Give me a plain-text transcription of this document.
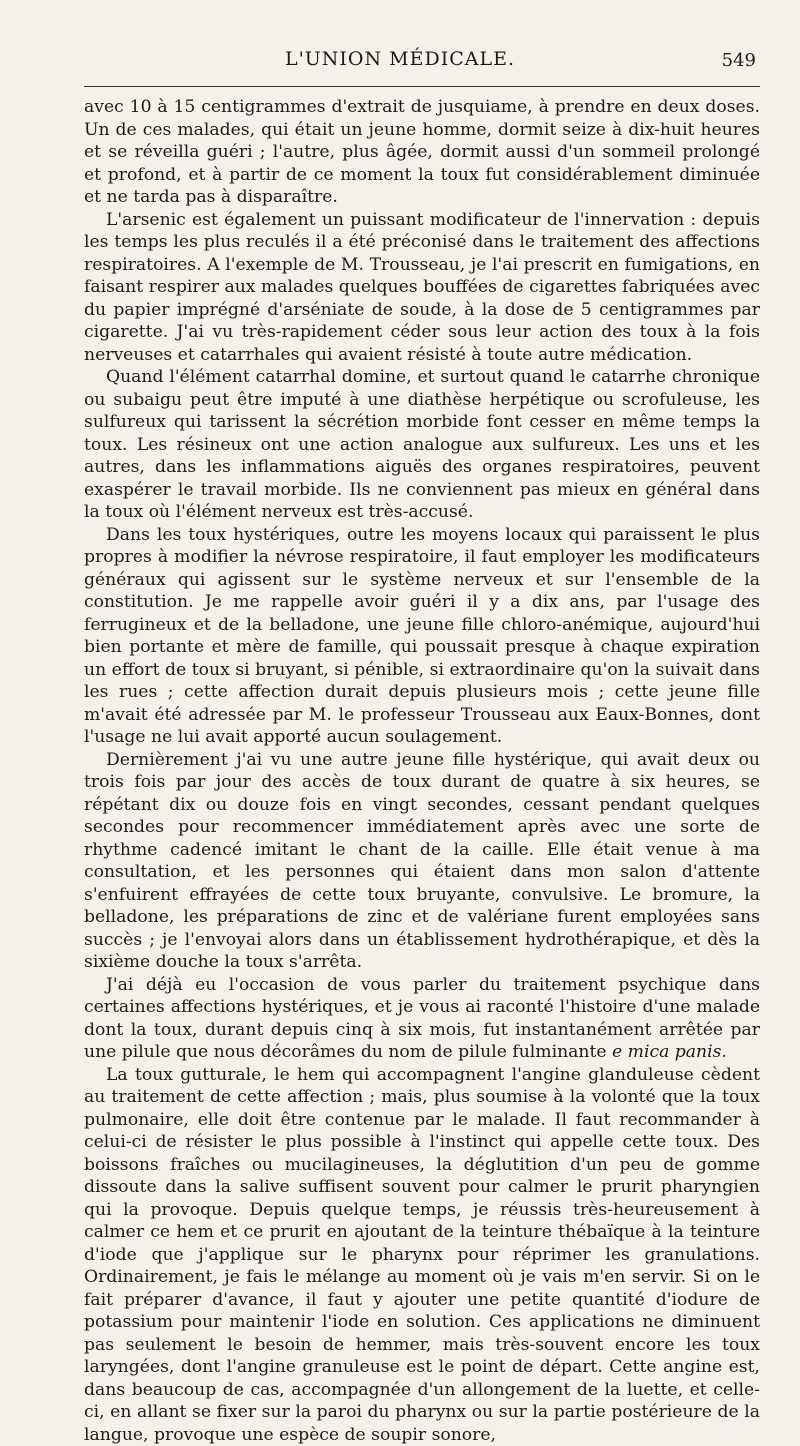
L'UNION MÉDICALE.	549

avec 10 à 15 centigrammes d'extrait de jusquiame, à prendre en deux doses. Un de ces malades, qui était un jeune homme, dormit seize à dix-huit heures et se réveilla guéri ; l'autre, plus âgée, dormit aussi d'un sommeil prolongé et profond, et à partir de ce moment la toux fut considérablement diminuée et ne tarda pas à disparaître.

L'arsenic est également un puissant modificateur de l'innervation : depuis les temps les plus reculés il a été préconisé dans le traitement des affections respiratoires. A l'exemple de M. Trousseau, je l'ai prescrit en fumigations, en faisant respirer aux malades quelques bouffées de cigarettes fabriquées avec du papier imprégné d'arséniate de soude, à la dose de 5 centigrammes par cigarette. J'ai vu très-rapidement céder sous leur action des toux à la fois nerveuses et catarrhales qui avaient résisté à toute autre médication.

Quand l'élément catarrhal domine, et surtout quand le catarrhe chronique ou subaigu peut être imputé à une diathèse herpétique ou scrofuleuse, les sulfureux qui tarissent la sécrétion morbide font cesser en même temps la toux. Les résineux ont une action analogue aux sulfureux. Les uns et les autres, dans les inflammations aiguës des organes respiratoires, peuvent exaspérer le travail morbide. Ils ne conviennent pas mieux en général dans la toux où l'élément nerveux est très-accusé.

Dans les toux hystériques, outre les moyens locaux qui paraissent le plus propres à modifier la névrose respiratoire, il faut employer les modificateurs généraux qui agissent sur le système nerveux et sur l'ensemble de la constitution. Je me rappelle avoir guéri il y a dix ans, par l'usage des ferrugineux et de la belladone, une jeune fille chloro-anémique, aujourd'hui bien portante et mère de famille, qui poussait presque à chaque expiration un effort de toux si bruyant, si pénible, si extraordinaire qu'on la suivait dans les rues ; cette affection durait depuis plusieurs mois ; cette jeune fille m'avait été adressée par M. le professeur Trousseau aux Eaux-Bonnes, dont l'usage ne lui avait apporté aucun soulagement.

Dernièrement j'ai vu une autre jeune fille hystérique, qui avait deux ou trois fois par jour des accès de toux durant de quatre à six heures, se répétant dix ou douze fois en vingt secondes, cessant pendant quelques secondes pour recommencer immédiatement après avec une sorte de rhythme cadencé imitant le chant de la caille. Elle était venue à ma consultation, et les personnes qui étaient dans mon salon d'attente s'enfuirent effrayées de cette toux bruyante, convulsive. Le bromure, la belladone, les préparations de zinc et de valériane furent employées sans succès ; je l'envoyai alors dans un établissement hydrothérapique, et dès la sixième douche la toux s'arrêta.

J'ai déjà eu l'occasion de vous parler du traitement psychique dans certaines affections hystériques, et je vous ai raconté l'histoire d'une malade dont la toux, durant depuis cinq à six mois, fut instantanément arrêtée par une pilule que nous décorâmes du nom de pilule fulminante e mica panis.

La toux gutturale, le hem qui accompagnent l'angine glanduleuse cèdent au traitement de cette affection ; mais, plus soumise à la volonté que la toux pulmonaire, elle doit être contenue par le malade. Il faut recommander à celui-ci de résister le plus possible à l'instinct qui appelle cette toux. Des boissons fraîches ou mucilagineuses, la déglutition d'un peu de gomme dissoute dans la salive suffisent souvent pour calmer le prurit pharyngien qui la provoque. Depuis quelque temps, je réussis très-heureusement à calmer ce hem et ce prurit en ajoutant de la teinture thébaïque à la teinture d'iode que j'applique sur le pharynx pour réprimer les granulations. Ordinairement, je fais le mélange au moment où je vais m'en servir. Si on le fait préparer d'avance, il faut y ajouter une petite quantité d'iodure de potassium pour maintenir l'iode en solution. Ces applications ne diminuent pas seulement le besoin de hemmer, mais très-souvent encore les toux laryngées, dont l'angine granuleuse est le point de départ. Cette angine est, dans beaucoup de cas, accompagnée d'un allongement de la luette, et celle-ci, en allant se fixer sur la paroi du pharynx ou sur la partie postérieure de la langue, provoque une espèce de soupir sonore,
